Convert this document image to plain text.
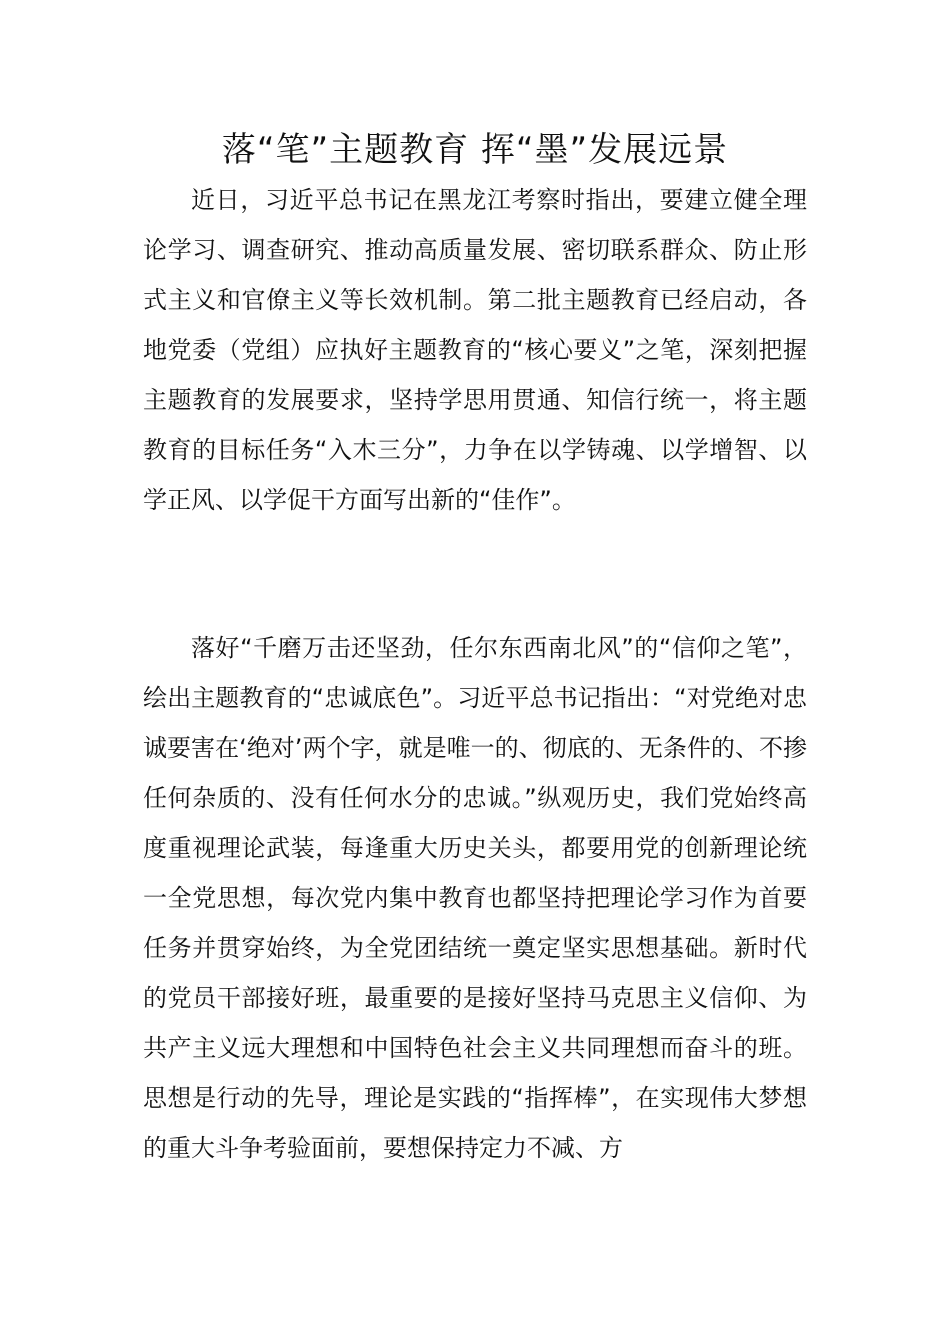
落“笔”主题教育 挥“墨”发展远景

近日，习近平总书记在黑龙江考察时指出，要建立健全理论学习、调查研究、推动高质量发展、密切联系群众、防止形式主义和官僚主义等长效机制。第二批主题教育已经启动，各地党委（党组）应执好主题教育的“核心要义”之笔，深刻把握主题教育的发展要求，坚持学思用贯通、知信行统一，将主题教育的目标任务“入木三分”，力争在以学铸魂、以学增智、以学正风、以学促干方面写出新的“佳作”。

落好“千磨万击还坚劲，任尔东西南北风”的“信仰之笔”，绘出主题教育的“忠诚底色”。习近平总书记指出：“对党绝对忠诚要害在‘绝对’两个字，就是唯一的、彻底的、无条件的、不掺任何杂质的、没有任何水分的忠诚。”纵观历史，我们党始终高度重视理论武装，每逢重大历史关头，都要用党的创新理论统一全党思想，每次党内集中教育也都坚持把理论学习作为首要任务并贯穿始终，为全党团结统一奠定坚实思想基础。新时代的党员干部接好班，最重要的是接好坚持马克思主义信仰、为共产主义远大理想和中国特色社会主义共同理想而奋斗的班。思想是行动的先导，理论是实践的“指挥棒”，在实现伟大梦想的重大斗争考验面前，要想保持定力不减、方
